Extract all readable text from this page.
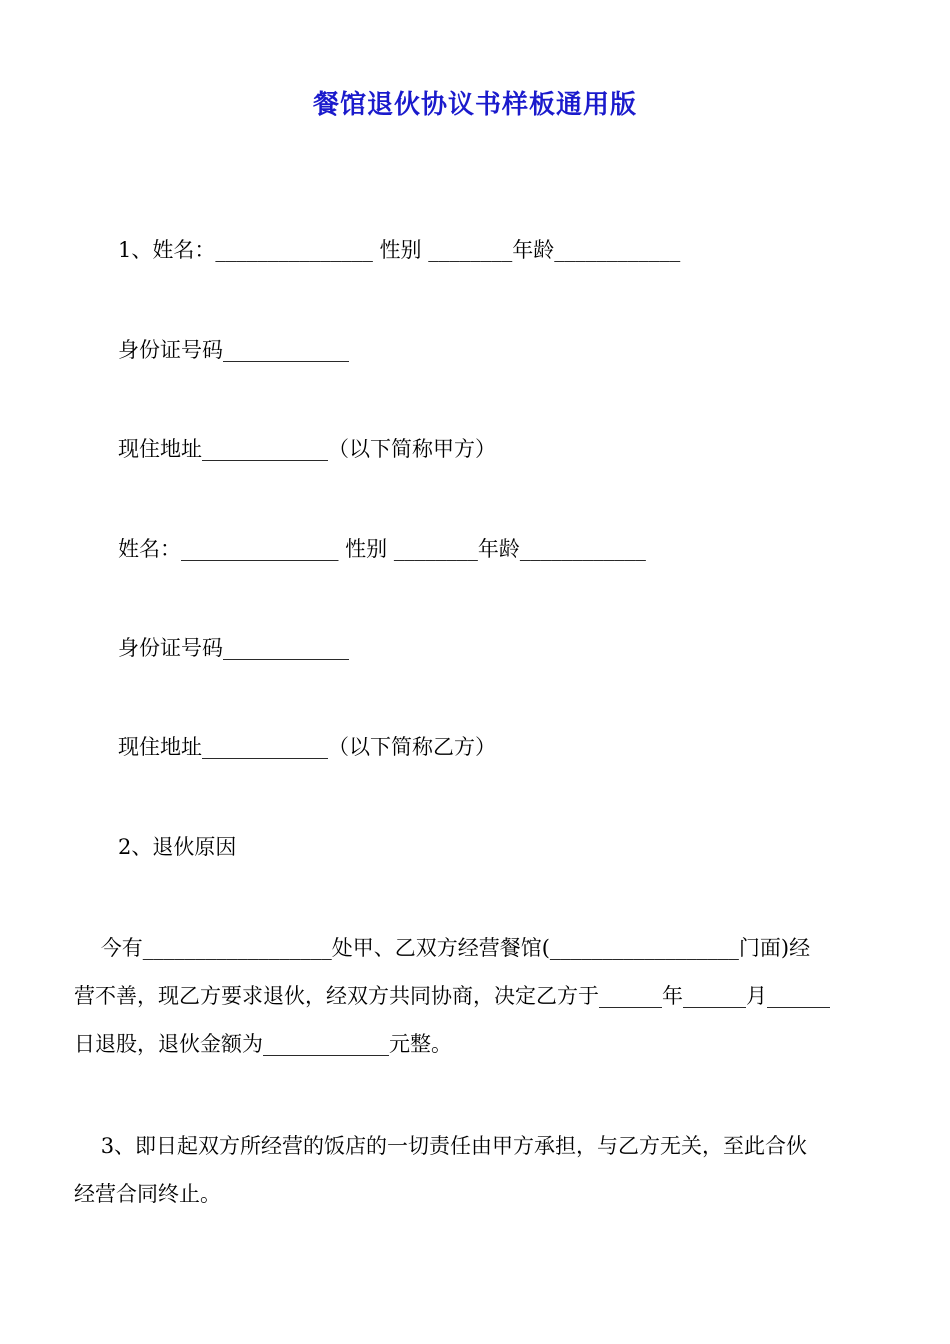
餐馆退伙协议书样板通用版
1、姓名：_______________ 性别 ________年龄____________
身份证号码____________
现住地址____________（以下简称甲方）
姓名：_______________ 性别 ________年龄____________
身份证号码____________
现住地址____________（以下简称乙方）
2、退伙原因

今有__________________处甲、乙双方经营餐馆(__________________门面)经

营不善，现乙方要求退伙，经双方共同协商，决定乙方于______年______月______

日退股，退伙金额为____________元整。

3、即日起双方所经营的饭店的一切责任由甲方承担，与乙方无关，至此合伙

经营合同终止。
